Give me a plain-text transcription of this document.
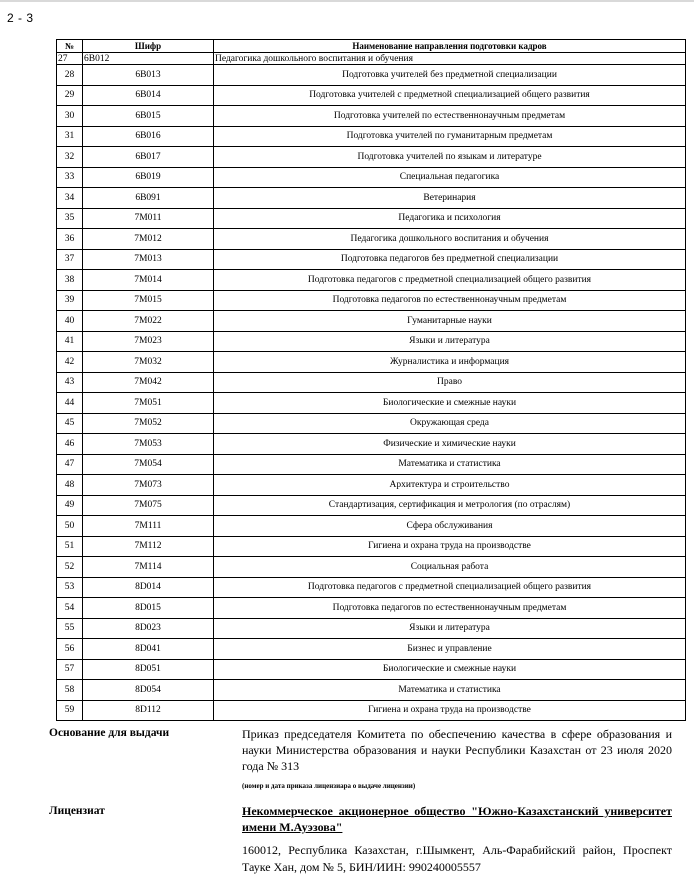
2 - 3
№	Шифр	Наименование направления подготовки кадров
27	6B012	Педагогика дошкольного воспитания и обучения
28	6B013	Подготовка учителей без предметной специализации
29	6B014	Подготовка учителей с предметной специализацией общего развития
30	6B015	Подготовка учителей по естественнонаучным предметам
31	6B016	Подготовка учителей по гуманитарным предметам
32	6B017	Подготовка учителей по языкам и литературе
33	6B019	Специальная педагогика
34	6B091	Ветеринария
35	7M011	Педагогика и психология
36	7M012	Педагогика дошкольного воспитания и обучения
37	7M013	Подготовка педагогов без предметной специализации
38	7M014	Подготовка педагогов с предметной специализацией общего развития
39	7M015	Подготовка педагогов по естественнонаучным предметам
40	7M022	Гуманитарные науки
41	7M023	Языки и литература
42	7M032	Журналистика и информация
43	7M042	Право
44	7M051	Биологические и смежные науки
45	7M052	Окружающая среда
46	7M053	Физические и химические науки
47	7M054	Математика и статистика
48	7M073	Архитектура и строительство
49	7M075	Стандартизация, сертификация и метрология (по отраслям)
50	7M111	Сфера обслуживания
51	7M112	Гигиена и охрана труда на производстве
52	7M114	Социальная работа
53	8D014	Подготовка педагогов с предметной специализацией общего развития
54	8D015	Подготовка педагогов по естественнонаучным предметам
55	8D023	Языки и литература
56	8D041	Бизнес и управление
57	8D051	Биологические и смежные науки
58	8D054	Математика и статистика
59	8D112	Гигиена и охрана труда на производстве
Основание для выдачи	Приказ председателя Комитета по обеспечению качества в сфере образования и науки Министерства образования и науки Республики Казахстан от 23 июля 2020 года № 313
(номер и дата приказа лицензиара о выдаче лицензии)
Лицензиат	Некоммерческое акционерное общество "Южно-Казахстанский университет имени М.Ауэзова"
160012, Республика Казахстан, г.Шымкент, Аль-Фарабийский район, Проспект Тауке Хан, дом № 5, БИН/ИИН: 990240005557
